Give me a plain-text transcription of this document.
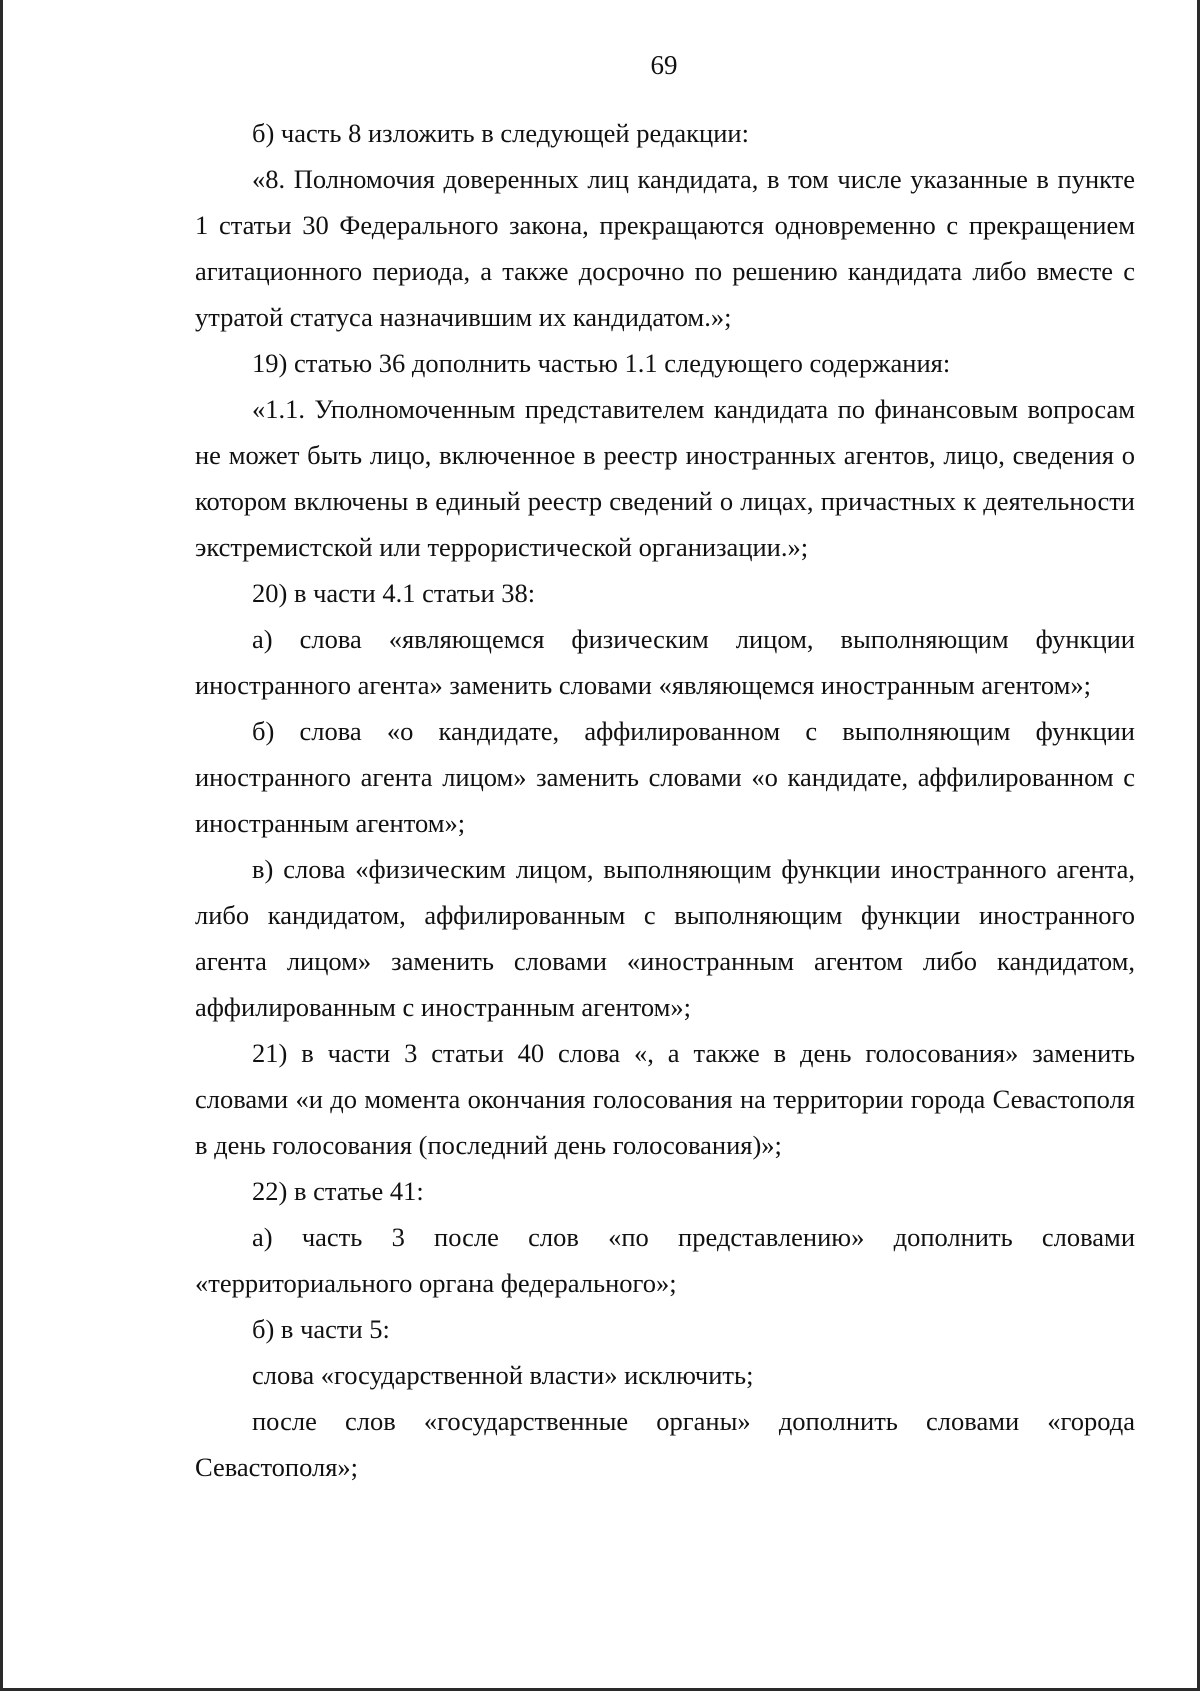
69

б) часть 8 изложить в следующей редакции:

«8. Полномочия доверенных лиц кандидата, в том числе указанные в пункте 1 статьи 30 Федерального закона, прекращаются одновременно с прекращением агитационного периода, а также досрочно по решению кандидата либо вместе с утратой статуса назначившим их кандидатом.»;

19) статью 36 дополнить частью 1.1 следующего содержания:

«1.1. Уполномоченным представителем кандидата по финансовым вопросам не может быть лицо, включенное в реестр иностранных агентов, лицо, сведения о котором включены в единый реестр сведений о лицах, причастных к деятельности экстремистской или террористической организации.»;

20) в части 4.1 статьи 38:

а) слова «являющемся физическим лицом, выполняющим функции иностранного агента» заменить словами «являющемся иностранным агентом»;

б) слова «о кандидате, аффилированном с выполняющим функции иностранного агента лицом» заменить словами «о кандидате, аффилированном с иностранным агентом»;

в) слова «физическим лицом, выполняющим функции иностранного агента, либо кандидатом, аффилированным с выполняющим функции иностранного агента лицом» заменить словами «иностранным агентом либо кандидатом, аффилированным с иностранным агентом»;

21) в части 3 статьи 40 слова «, а также в день голосования» заменить словами «и до момента окончания голосования на территории города Севастополя в день голосования (последний день голосования)»;

22) в статье 41:

а) часть 3 после слов «по представлению» дополнить словами «территориального органа федерального»;

б) в части 5:

слова «государственной власти» исключить;

после слов «государственные органы» дополнить словами «города Севастополя»;
